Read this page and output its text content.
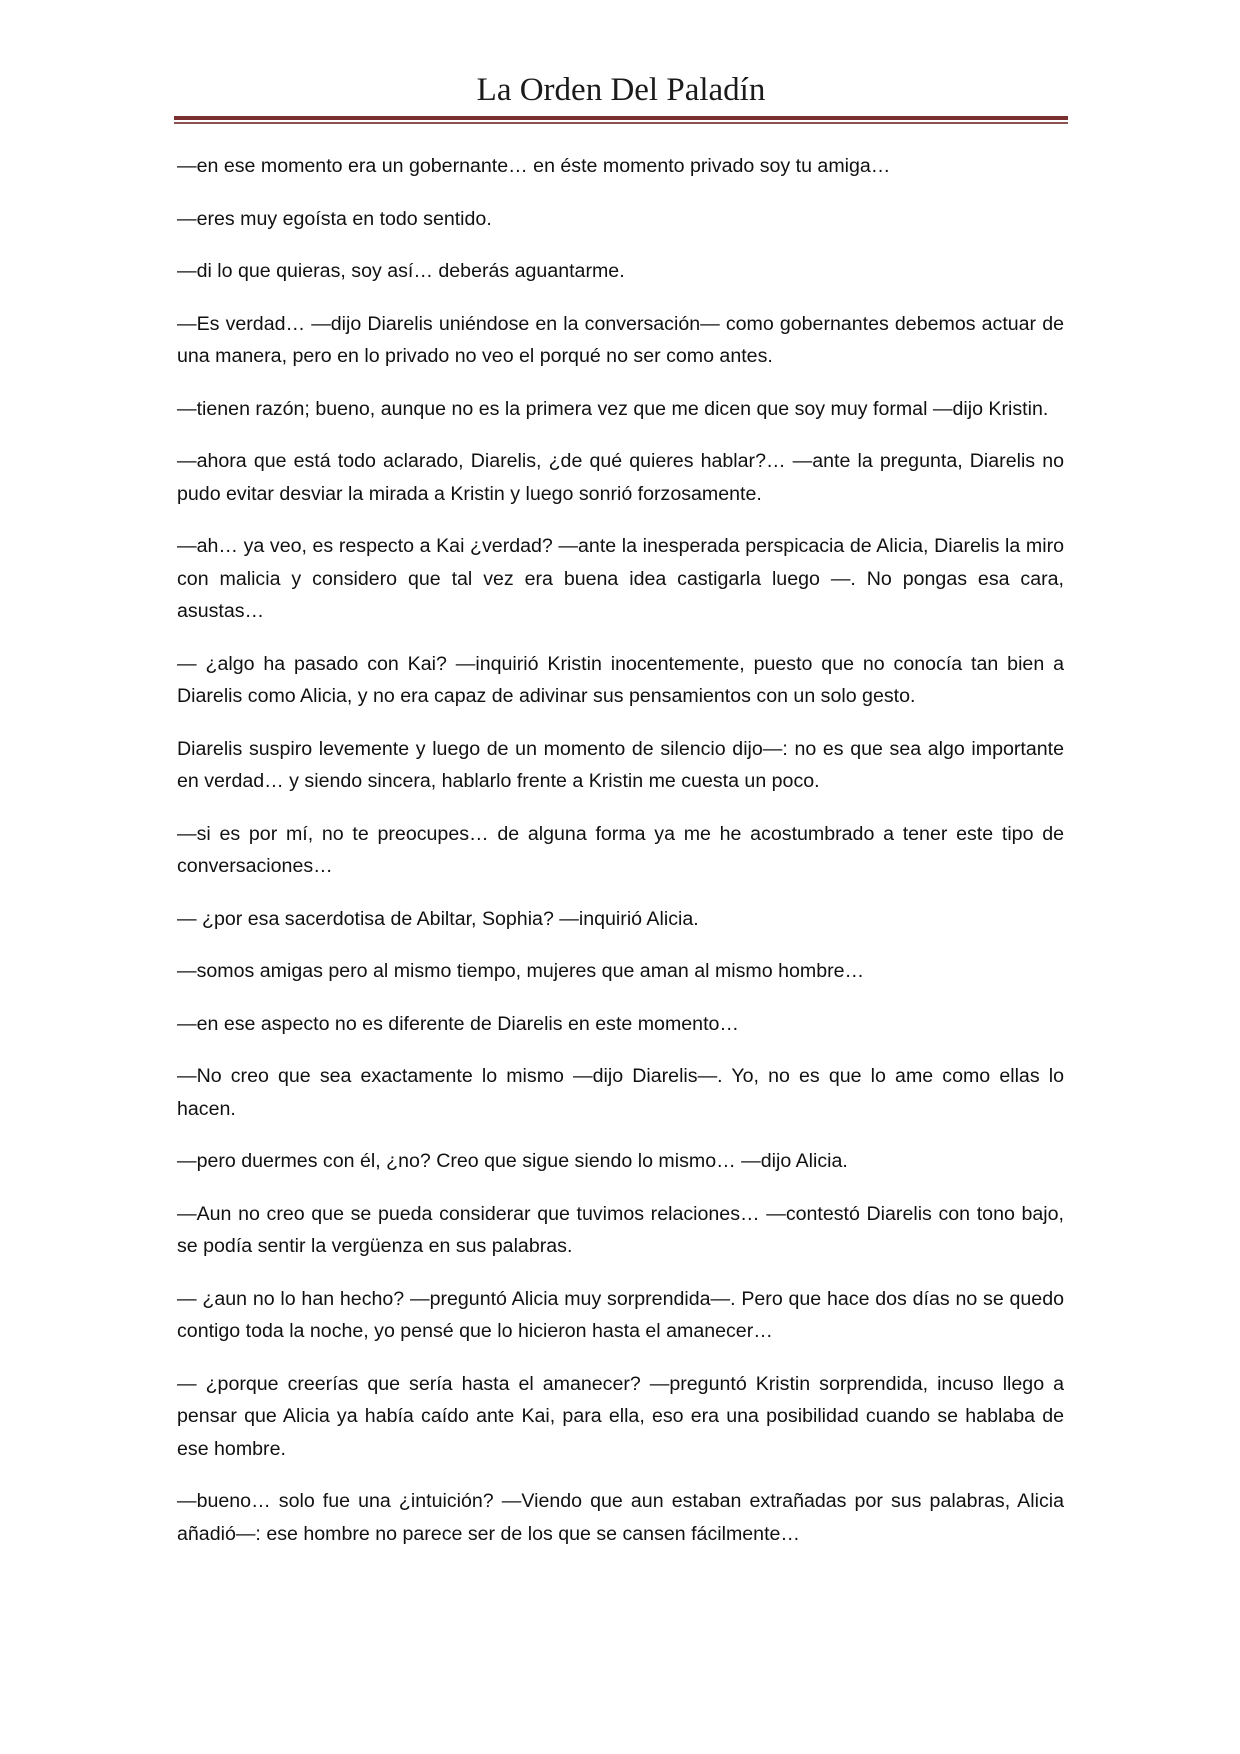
La Orden Del Paladín

—en ese momento era un gobernante… en éste momento privado soy tu amiga…

—eres muy egoísta en todo sentido.

—di lo que quieras, soy así… deberás aguantarme.

—Es verdad… —dijo Diarelis uniéndose en la conversación— como gobernantes debemos actuar de una manera, pero en lo privado no veo el porqué no ser como antes.

—tienen razón; bueno, aunque no es la primera vez que me dicen que soy muy formal —dijo Kristin.

—ahora que está todo aclarado, Diarelis, ¿de qué quieres hablar?… —ante la pregunta, Diarelis no pudo evitar desviar la mirada a Kristin y luego sonrió forzosamente.

—ah… ya veo, es respecto a Kai ¿verdad? —ante la inesperada perspicacia de Alicia, Diarelis la miro con malicia y considero que tal vez era buena idea castigarla luego —. No pongas esa cara, asustas…

— ¿algo ha pasado con Kai? —inquirió Kristin inocentemente, puesto que no conocía tan bien a Diarelis como Alicia, y no era capaz de adivinar sus pensamientos con un solo gesto.

Diarelis suspiro levemente y luego de un momento de silencio dijo—: no es que sea algo importante en verdad… y siendo sincera, hablarlo frente a Kristin me cuesta un poco.

—si es por mí, no te preocupes… de alguna forma ya me he acostumbrado a tener este tipo de conversaciones…

— ¿por esa sacerdotisa de Abiltar, Sophia? —inquirió Alicia.

—somos amigas pero al mismo tiempo, mujeres que aman al mismo hombre…

—en ese aspecto no es diferente de Diarelis en este momento…

—No creo que sea exactamente lo mismo —dijo Diarelis—. Yo, no es que lo ame como ellas lo hacen.

—pero duermes con él, ¿no? Creo que sigue siendo lo mismo… —dijo Alicia.

—Aun no creo que se pueda considerar que tuvimos relaciones… —contestó Diarelis con tono bajo, se podía sentir la vergüenza en sus palabras.

— ¿aun no lo han hecho? —preguntó Alicia muy sorprendida—. Pero que hace dos días no se quedo contigo toda la noche, yo pensé que lo hicieron hasta el amanecer…

— ¿porque creerías que sería hasta el amanecer? —preguntó Kristin sorprendida, incuso llego a pensar que Alicia ya había caído ante Kai, para ella, eso era una posibilidad cuando se hablaba de ese hombre.

—bueno… solo fue una ¿intuición? —Viendo que aun estaban extrañadas por sus palabras, Alicia añadió—: ese hombre no parece ser de los que se cansen fácilmente…
